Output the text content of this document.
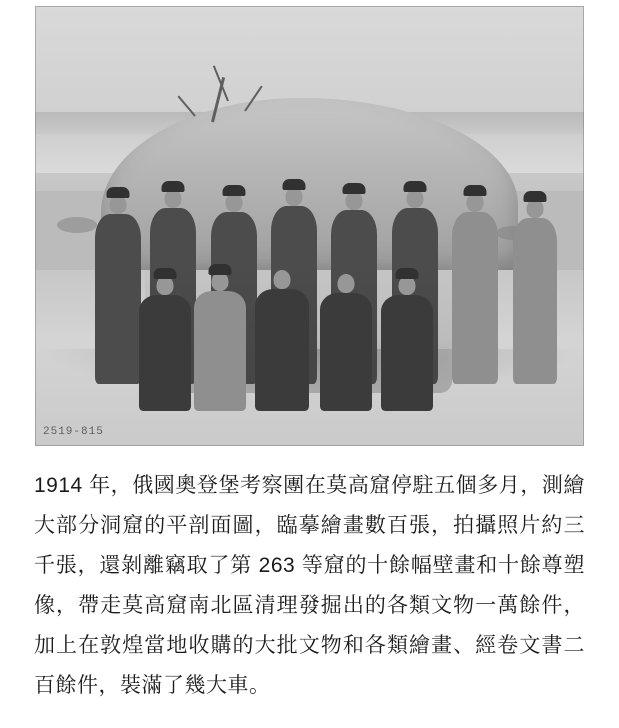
2519-815
1914 年，俄國奧登堡考察團在莫高窟停駐五個多月，測繪大部分洞窟的平剖面圖，臨摹繪畫數百張，拍攝照片約三千張，還剝離竊取了第 263 等窟的十餘幅壁畫和十餘尊塑像，帶走莫高窟南北區清理發掘出的各類文物一萬餘件，加上在敦煌當地收購的大批文物和各類繪畫、經卷文書二百餘件，裝滿了幾大車。
